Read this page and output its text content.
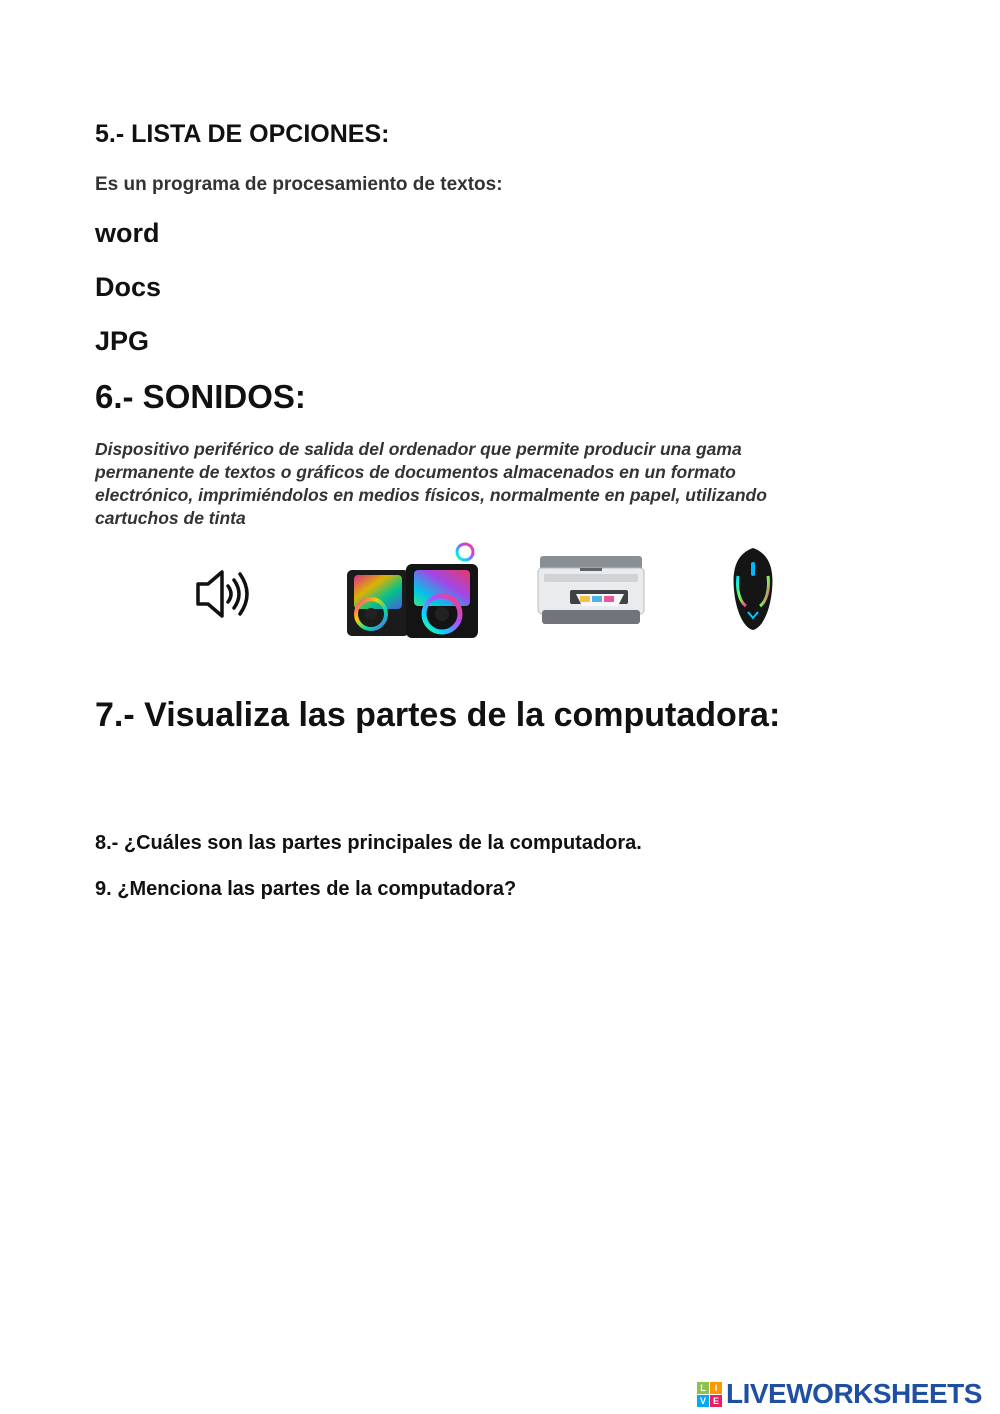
5.- LISTA DE OPCIONES:

Es un programa de procesamiento de textos:

word
Docs
JPG
6.- SONIDOS:

Dispositivo periférico de salida del ordenador que permite producir una gama permanente de textos o gráficos de documentos almacenados en un formato electrónico, imprimiéndolos en medios físicos, normalmente en papel, utilizando cartuchos de tinta

7.- Visualiza las partes de la computadora:

8.- ¿Cuáles son las partes principales de la computadora.

9. ¿Menciona las partes de la computadora?

L I
V E LIVEWORKSHEETS
